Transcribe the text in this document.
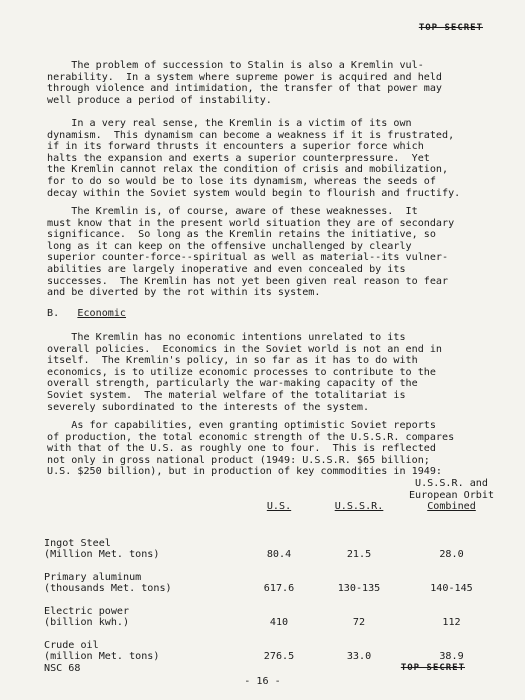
TOP SECRET

The problem of succession to Stalin is also a Kremlin vul-
nerability.  In a system where supreme power is acquired and held
through violence and intimidation, the transfer of that power may
well produce a period of instability.

In a very real sense, the Kremlin is a victim of its own
dynamism.  This dynamism can become a weakness if it is frustrated,
if in its forward thrusts it encounters a superior force which
halts the expansion and exerts a superior counterpressure.  Yet
the Kremlin cannot relax the condition of crisis and mobilization,
for to do so would be to lose its dynamism, whereas the seeds of
decay within the Soviet system would begin to flourish and fructify.

The Kremlin is, of course, aware of these weaknesses.  It
must know that in the present world situation they are of secondary
significance.  So long as the Kremlin retains the initiative, so
long as it can keep on the offensive unchallenged by clearly
superior counter-force--spiritual as well as material--its vulner-
abilities are largely inoperative and even concealed by its
successes.  The Kremlin has not yet been given real reason to fear
and be diverted by the rot within its system.

B. Economic

The Kremlin has no economic intentions unrelated to its
overall policies.  Economics in the Soviet world is not an end in
itself.  The Kremlin's policy, in so far as it has to do with
economics, is to utilize economic processes to contribute to the
overall strength, particularly the war-making capacity of the
Soviet system.  The material welfare of the totalitariat is
severely subordinated to the interests of the system.

As for capabilities, even granting optimistic Soviet reports
of production, the total economic strength of the U.S.S.R. compares
with that of the U.S. as roughly one to four.  This is reflected
not only in gross national product (1949: U.S.S.R. $65 billion;
U.S. $250 billion), but in production of key commodities in 1949:

	U.S.	U.S.S.R.	U.S.S.R. and
European Orbit
Combined

Ingot Steel
(Million Met. tons)	80.4	21.5	28.0
Primary aluminum
(thousands Met. tons)	617.6	130-135	140-145
Electric power
(billion kwh.)	410	72	112
Crude oil
(million Met. tons)	276.5	33.0	38.9
NSC 68	TOP SECRET
- 16 -
